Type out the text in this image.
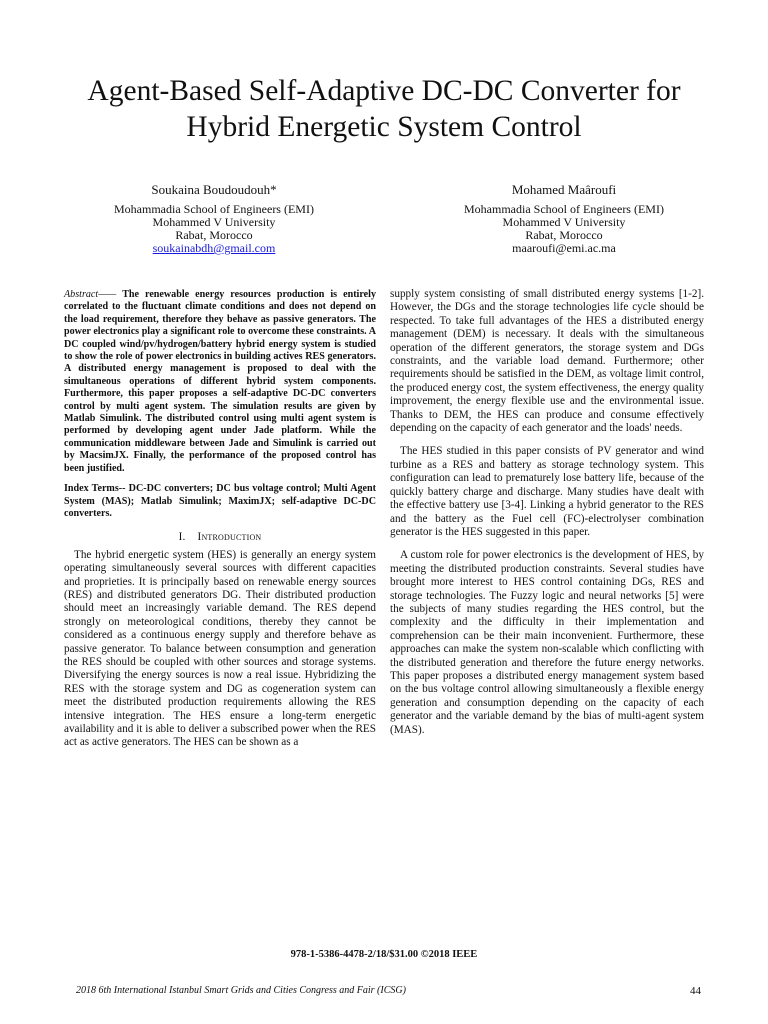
Agent-Based Self-Adaptive DC-DC Converter for
Hybrid Energetic System Control
Soukaina Boudoudouh*
Mohammadia School of Engineers (EMI)
Mohammed V University
Rabat, Morocco
soukainabdh@gmail.com
Mohamed Maâroufi
Mohammadia School of Engineers (EMI)
Mohammed V University
Rabat, Morocco
maaroufi@emi.ac.ma
Abstract—— The renewable energy resources production is entirely correlated to the fluctuant climate conditions and does not depend on the load requirement, therefore they behave as passive generators. The power electronics play a significant role to overcome these constraints. A DC coupled wind/pv/hydrogen/battery hybrid energy system is studied to show the role of power electronics in building actives RES generators. A distributed energy management is proposed to deal with the simultaneous operations of different hybrid system components. Furthermore, this paper proposes a self-adaptive DC-DC converters control by multi agent system. The simulation results are given by Matlab Simulink. The distributed control using multi agent system is performed by developing agent under Jade platform. While the communication middleware between Jade and Simulink is carried out by MacsimJX. Finally, the performance of the proposed control has been justified.
Index Terms-- DC-DC converters; DC bus voltage control; Multi Agent System (MAS); Matlab Simulink; MaximJX; self-adaptive DC-DC converters.
I. Introduction

The hybrid energetic system (HES) is generally an energy system operating simultaneously several sources with different capacities and proprieties. It is principally based on renewable energy sources (RES) and distributed generators DG. Their distributed production should meet an increasingly variable demand. The RES depend strongly on meteorological conditions, thereby they cannot be considered as a continuous energy supply and therefore behave as passive generator. To balance between consumption and generation the RES should be coupled with other sources and storage systems. Diversifying the energy sources is now a real issue. Hybridizing the RES with the storage system and DG as cogeneration system can meet the distributed production requirements allowing the RES intensive integration. The HES ensure a long-term energetic availability and it is able to deliver a subscribed power when the RES act as active generators. The HES can be shown as a

supply system consisting of small distributed energy systems [1-2]. However, the DGs and the storage technologies life cycle should be respected. To take full advantages of the HES a distributed energy management (DEM) is necessary. It deals with the simultaneous operation of the different generators, the storage system and DGs constraints, and the variable load demand. Furthermore; other requirements should be satisfied in the DEM, as voltage limit control, the produced energy cost, the system effectiveness, the energy quality improvement, the energy flexible use and the environmental issue. Thanks to DEM, the HES can produce and consume effectively depending on the capacity of each generator and the loads' needs.

The HES studied in this paper consists of PV generator and wind turbine as a RES and battery as storage technology system. This configuration can lead to prematurely lose battery life, because of the quickly battery charge and discharge. Many studies have dealt with the effective battery use [3-4]. Linking a hybrid generator to the RES and the battery as the Fuel cell (FC)-electrolyser combination generator is the HES suggested in this paper.

A custom role for power electronics is the development of HES, by meeting the distributed production constraints. Several studies have brought more interest to HES control containing DGs, RES and storage technologies. The Fuzzy logic and neural networks [5] were the subjects of many studies regarding the HES control, but the complexity and the difficulty in their implementation and comprehension can be their main inconvenient. Furthermore, these approaches can make the system non-scalable which conflicting with the distributed generation and therefore the future energy networks. This paper proposes a distributed energy management system based on the bus voltage control allowing simultaneously a flexible energy generation and consumption depending on the capacity of each generator and the variable demand by the bias of multi-agent system (MAS).

978-1-5386-4478-2/18/$31.00 ©2018 IEEE
2018 6th International Istanbul Smart Grids and Cities Congress and Fair (ICSG)	44
